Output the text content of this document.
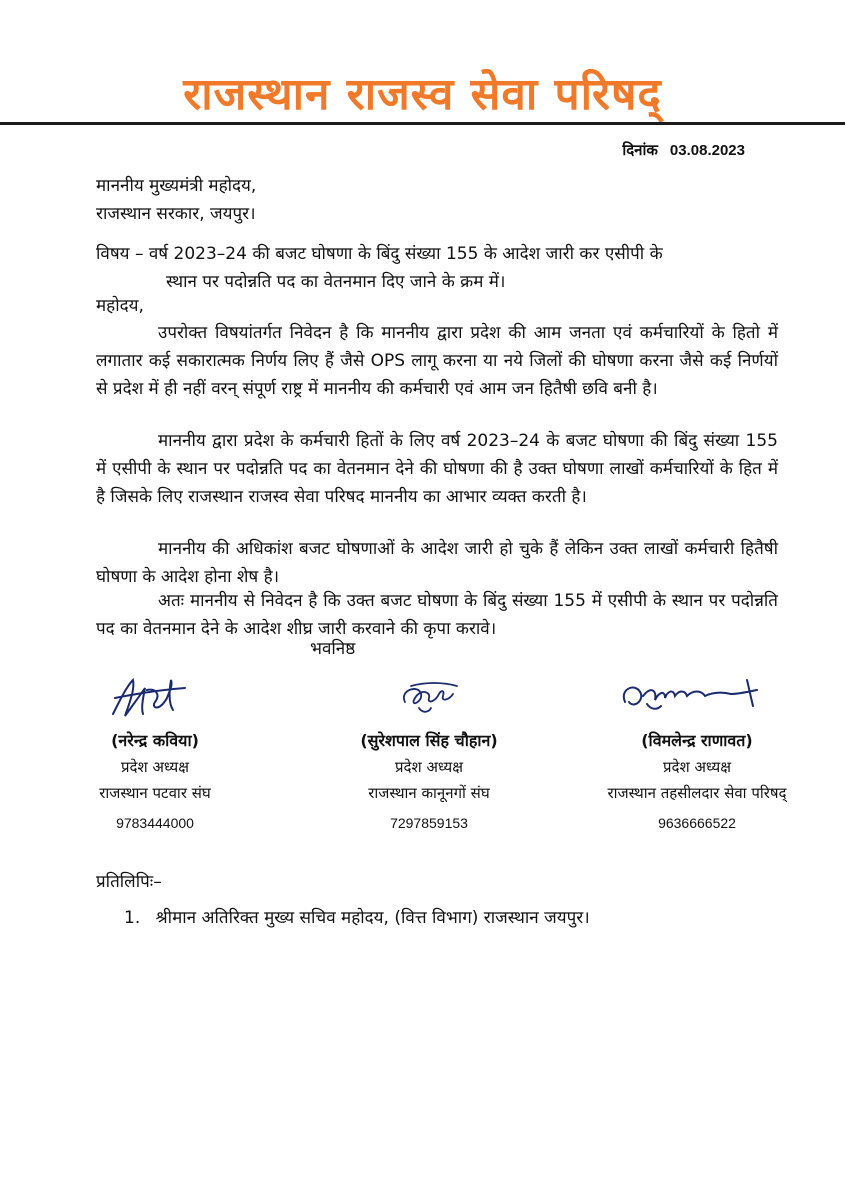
राजस्थान राजस्व सेवा परिषद्
दिनांक 03.08.2023
माननीय मुख्यमंत्री महोदय,
राजस्थान सरकार, जयपुर।
विषय – वर्ष 2023–24 की बजट घोषणा के बिंदु संख्या 155 के आदेश जारी कर एसीपी के
स्थान पर पदोन्नति पद का वेतनमान दिए जाने के क्रम में।
महोदय,
उपरोक्त विषयांतर्गत निवेदन है कि माननीय द्वारा प्रदेश की आम जनता एवं कर्मचारियों के हितो में लगातार कई सकारात्मक निर्णय लिए हैं जैसे OPS लागू करना या नये जिलों की घोषणा करना जैसे कई निर्णयों से प्रदेश में ही नहीं वरन् संपूर्ण राष्ट्र में माननीय की कर्मचारी एवं आम जन हितैषी छवि बनी है।
माननीय द्वारा प्रदेश के कर्मचारी हितों के लिए वर्ष 2023–24 के बजट घोषणा की बिंदु संख्या 155 में एसीपी के स्थान पर पदोन्नति पद का वेतनमान देने की घोषणा की है उक्त घोषणा लाखों कर्मचारियों के हित में है जिसके लिए राजस्थान राजस्व सेवा परिषद माननीय का आभार व्यक्त करती है।
माननीय की अधिकांश बजट घोषणाओं के आदेश जारी हो चुके हैं लेकिन उक्त लाखों कर्मचारी हितैषी घोषणा के आदेश होना शेष है।
अतः माननीय से निवेदन है कि उक्त बजट घोषणा के बिंदु संख्या 155 में एसीपी के स्थान पर पदोन्नति पद का वेतनमान देने के आदेश शीघ्र जारी करवाने की कृपा करावे।
भवनिष्ठ
(नरेन्द्र कविया)
प्रदेश अध्यक्ष
राजस्थान पटवार संघ
9783444000
(सुरेशपाल सिंह चौहान)
प्रदेश अध्यक्ष
राजस्थान कानूनगों संघ
7297859153
(विमलेन्द्र राणावत)
प्रदेश अध्यक्ष
राजस्थान तहसीलदार सेवा परिषद्
9636666522
प्रतिलिपिः–
1. श्रीमान अतिरिक्त मुख्य सचिव महोदय, (वित्त विभाग) राजस्थान जयपुर।
